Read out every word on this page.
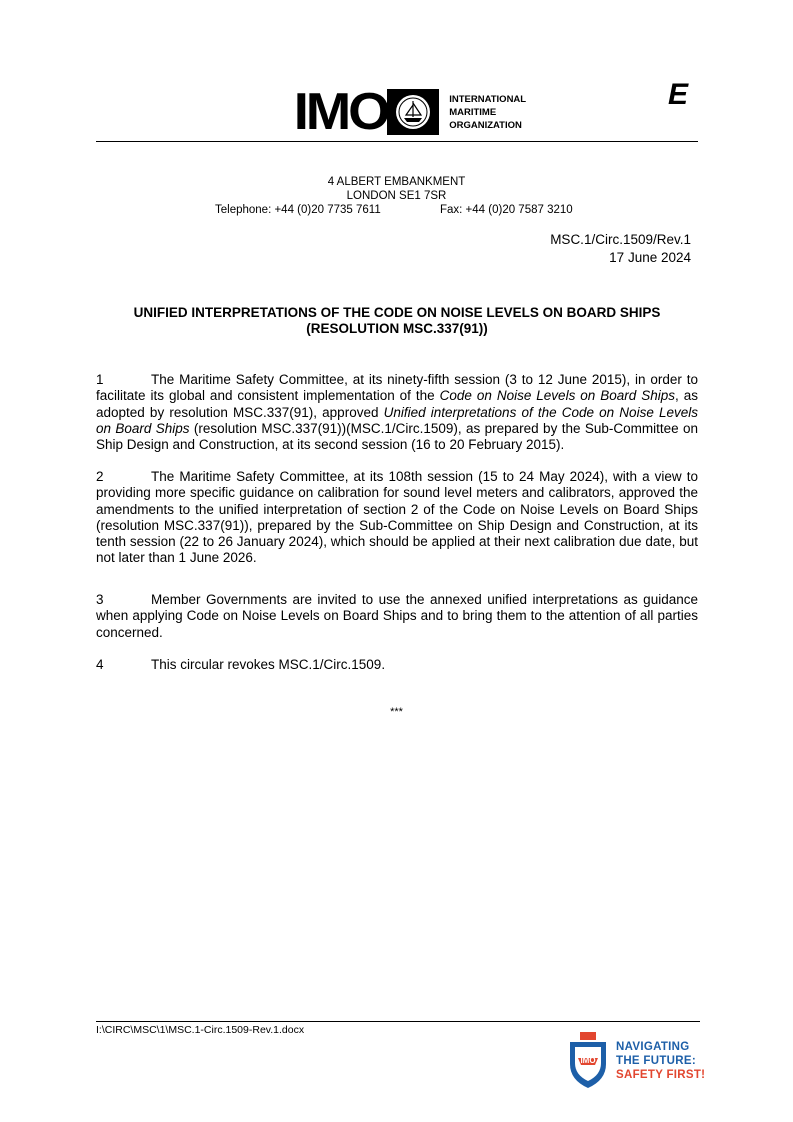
IMO	INTERNATIONAL
MARITIME
ORGANIZATION
E
4 ALBERT EMBANKMENT
LONDON SE1 7SR
Telephone: +44 (0)20 7735 7611	Fax: +44 (0)20 7587 3210
MSC.1/Circ.1509/Rev.1
17 June 2024
UNIFIED INTERPRETATIONS OF THE CODE ON NOISE LEVELS ON BOARD SHIPS
(RESOLUTION MSC.337(91))
1	The Maritime Safety Committee, at its ninety-fifth session (3 to 12 June 2015), in order to facilitate its global and consistent implementation of the Code on Noise Levels on Board Ships, as adopted by resolution MSC.337(91), approved Unified interpretations of the Code on Noise Levels on Board Ships (resolution MSC.337(91))(MSC.1/Circ.1509), as prepared by the Sub-Committee on Ship Design and Construction, at its second session (16 to 20 February 2015).
2	The Maritime Safety Committee, at its 108th session (15 to 24 May 2024), with a view to providing more specific guidance on calibration for sound level meters and calibrators, approved the amendments to the unified interpretation of section 2 of the Code on Noise Levels on Board Ships (resolution MSC.337(91)), prepared by the Sub-Committee on Ship Design and Construction, at its tenth session (22 to 26 January 2024), which should be applied at their next calibration due date, but not later than 1 June 2026.
3	Member Governments are invited to use the annexed unified interpretations as guidance when applying Code on Noise Levels on Board Ships and to bring them to the attention of all parties concerned.
4	This circular revokes MSC.1/Circ.1509.
***
I:\CIRC\MSC\1\MSC.1-Circ.1509-Rev.1.docx
IMO
NAVIGATING
THE FUTURE:
SAFETY FIRST!
